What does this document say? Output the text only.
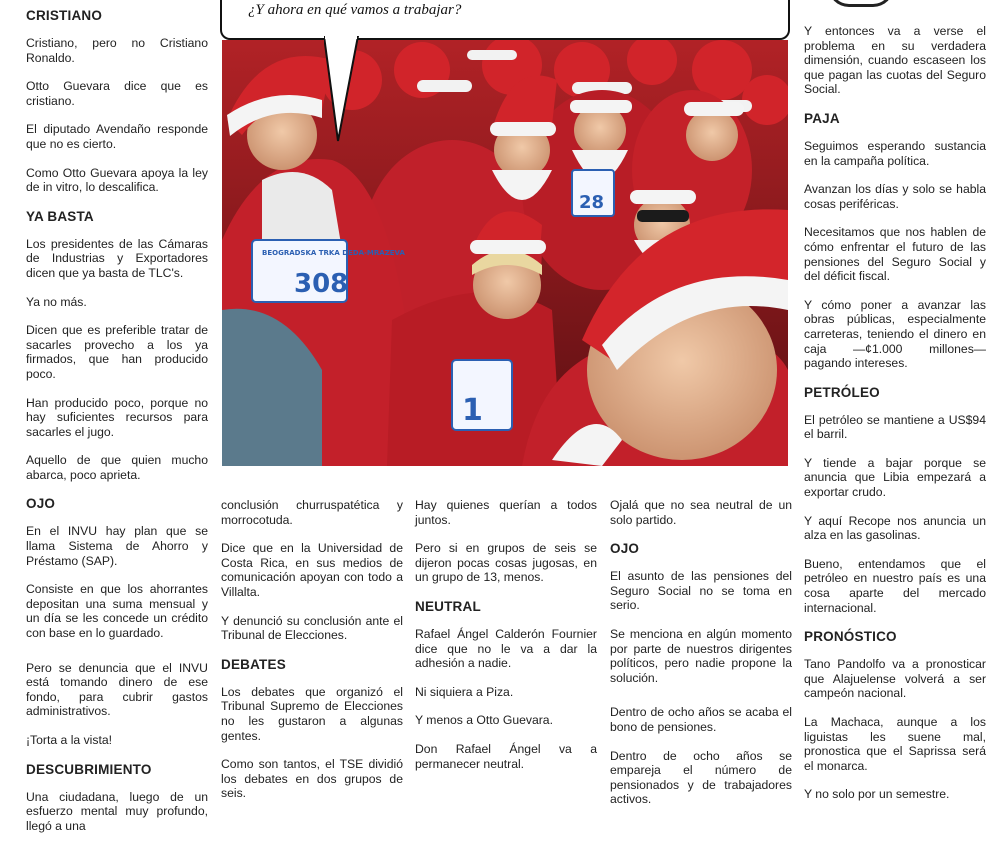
CRISTIANO

Cristiano, pero no Cristiano Ronaldo.

Otto Guevara dice que es cristiano.

El diputado Avendaño responde que no es cierto.

Como Otto Guevara apoya la ley de in vitro, lo descalifica.

YA BASTA

Los presidentes de las Cámaras de Industrias y Exportadores dicen que ya basta de TLC's.

Ya no más.

Dicen que es preferible tratar de sacarles provecho a los ya firmados, que han producido poco.

Han producido poco, porque no hay suficientes recursos para sacarles el jugo.

Aquello de que quien mucho abarca, poco aprieta.

OJO

En el INVU hay plan que se llama Sistema de Ahorro y Préstamo (SAP).

Consiste en que los ahorrantes depositan una suma mensual y un día se les concede un crédito con base en lo guardado.

Pero se denuncia que el INVU está tomando dinero de ese fondo, para cubrir gastos administrativos.

¡Torta a la vista!

DESCUBRIMIENTO

Una ciudadana, luego de un esfuerzo mental muy profundo, llegó a una

¿Y ahora en qué vamos a trabajar?
BEOGRADSKA TRKA DEDA-MRAZEVA
308
1
28

conclusión churruspatética y morrocotuda.

Dice que en la Universidad de Costa Rica, en sus medios de comunicación apoyan con todo a Villalta.

Y denunció su conclusión ante el Tribunal de Elecciones.

DEBATES

Los debates que organizó el Tribunal Supremo de Elecciones no les gustaron a algunas gentes.

Como son tantos, el TSE dividió los debates en dos grupos de seis.

Hay quienes querían a todos juntos.

Pero si en grupos de seis se dijeron pocas cosas jugosas, en un grupo de 13, menos.

NEUTRAL

Rafael Ángel Calderón Fournier dice que no le va a dar la adhesión a nadie.

Ni siquiera a Piza.

Y menos a Otto Guevara.

Don Rafael Ángel va a permanecer neutral.

Ojalá que no sea neutral de un solo partido.

OJO

El asunto de las pensiones del Seguro Social no se toma en serio.

Se menciona en algún momento por parte de nuestros dirigentes políticos, pero nadie propone la solución.

Dentro de ocho años se acaba el bono de pensiones.

Dentro de ocho años se empareja el número de pensionados y de trabajadores activos.

Y entonces va a verse el problema en su verdadera dimensión, cuando escaseen los que pagan las cuotas del Seguro Social.

PAJA

Seguimos esperando sustancia en la campaña política.

Avanzan los días y solo se habla cosas periféricas.

Necesitamos que nos hablen de cómo enfrentar el futuro de las pensiones del Seguro Social y del déficit fiscal.

Y cómo poner a avanzar las obras públicas, especialmente carreteras, teniendo el dinero en caja —¢1.000 millones— pagando intereses.

PETRÓLEO

El petróleo se mantiene a US$94 el barril.

Y tiende a bajar porque se anuncia que Libia empezará a exportar crudo.

Y aquí Recope nos anuncia un alza en las gasolinas.

Bueno, entendamos que el petróleo en nuestro país es una cosa aparte del mercado internacional.

PRONÓSTICO

Tano Pandolfo va a pronosticar que Alajuelense volverá a ser campeón nacional.

La Machaca, aunque a los liguistas les suene mal, pronostica que el Saprissa será el monarca.

Y no solo por un semestre.
